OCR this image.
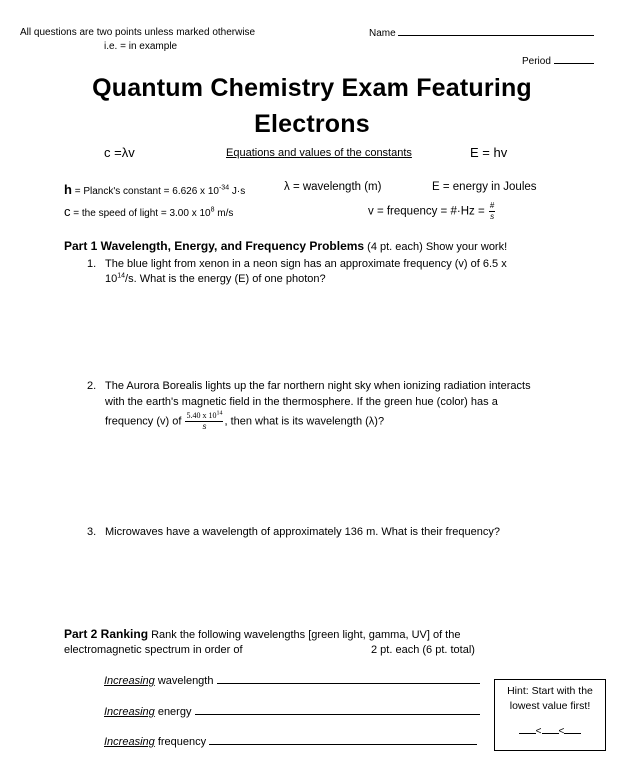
All questions are two points unless marked otherwise
i.e. = in example
Name
Period
Quantum Chemistry Exam Featuring
Electrons
c =λv	Equations and values of the constants	E = hv
h = Planck's constant = 6.626 x $10^{-34}$ J·s
c = the speed of light = 3.00 x $10^8$ m/s
λ = wavelength (m)	E = energy in Joules
v = frequency = #·Hz = $\frac{\#}{s}$
Part 1 Wavelength, Energy, and Frequency Problems (4 pt. each) Show your work!
1. The blue light from xenon in a neon sign has an approximate frequency (v) of 6.5 x
$10^{14}/s$. What is the energy (E) of one photon?
2. The Aurora Borealis lights up the far northern night sky when ionizing radiation interacts
with the earth's magnetic field in the thermosphere. If the green hue (color) has a
frequency (v) of $\frac{5.40 x 10^{14}}{s}$ , then what is its wavelength (λ)?
3. Microwaves have a wavelength of approximately 136 m. What is their frequency?
Part 2 Ranking Rank the following wavelengths [green light, gamma, UV] of the
electromagnetic spectrum in order of	2 pt. each (6 pt. total)
Increasing wavelength
Increasing energy
Increasing frequency
Hint: Start with the
lowest value first!
< <
